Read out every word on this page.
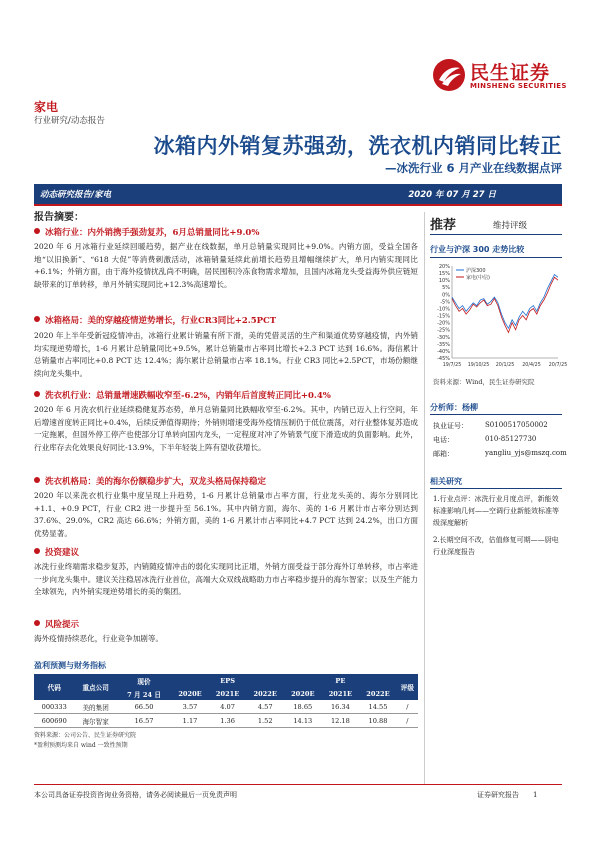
民生证券
MINSHENG SECURITIES
家电
行业研究/动态报告
冰箱内外销复苏强劲，洗衣机内销同比转正
—冰洗行业 6 月产业在线数据点评
动态研究报告/家电	2020 年 07 月 27 日
报告摘要：
冰箱行业：内外销携手强劲复苏，6月总销量同比+9.0%
2020 年 6 月冰箱行业延续回暖趋势，据产业在线数据，单月总销量实现同比+9.0%。内销方面，受益全国各地“以旧换新”、“618 大促”等消费刺激活动，冰箱销量延续此前增长趋势且增幅继续扩大，单月内销实现同比+6.1%；外销方面，由于海外疫情扰乱尚不明确，居民囤积冷冻食物需求增加，且国内冰箱龙头受益海外供应链短缺带来的订单转移，单月外销实现同比+12.3%高速增长。
冰箱格局：美的穿越疫情逆势增长，行业CR3同比+2.5PCT
2020 年上半年受新冠疫情冲击，冰箱行业累计销量有所下滑，美的凭借灵活的生产和渠道优势穿越疫情，内外销均实现逆势增长，1-6 月累计总销量同比+9.5%，累计总销量市占率同比增长+2.3 PCT 达到 16.6%。海信累计总销量市占率同比+0.8 PCT 达 12.4%；海尔累计总销量市占率 18.1%。行业 CR3 同比+2.5PCT，市场份额继续向龙头集中。
洗衣机行业：总销量增速跌幅收窄至-6.2%，内销年后首度转正同比+0.4%
2020 年 6 月洗衣机行业延续稳健复苏态势，单月总销量同比跌幅收窄至-6.2%。其中，内销已迈入上行空间，年后增速首度转正同比+0.4%，后续反弹值得期待；外销则增速受海外疫情压制仍于低位震荡，对行业整体复苏造成一定拖累，但国外停工停产也使部分订单转向国内龙头，一定程度对冲了外销景气度下滑造成的负面影响。此外，行业库存去化效果良好同比-13.9%，下半年轻装上阵有望收获增长。
洗衣机格局：美的海尔份额稳步扩大，双龙头格局保持稳定
2020 年以来洗衣机行业集中度呈现上升趋势，1-6 月累计总销量市占率方面，行业龙头美的、海尔分别同比+1.1、+0.9 PCT，行业 CR2 进一步提升至 56.1%。其中内销方面，海尔、美的 1-6 月累计市占率分别达到 37.6%、29.0%，CR2 高达 66.6%；外销方面，美的 1-6 月累计市占率同比+4.7 PCT 达到 24.2%，出口方面优势显著。
投资建议
冰洗行业终端需求稳步复苏，内销随疫情冲击的弱化实现同比正增，外销方面受益于部分海外订单转移，市占率进一步向龙头集中。建议关注稳居冰洗行业首位，高端大众双线战略助力市占率稳步提升的海尔智家；以及生产能力全球领先，内外销实现逆势增长的美的集团。
风险提示
海外疫情持续恶化，行业竞争加剧等。
盈利预测与财务指标
代码	重点公司	现价	EPS			PE			评级
		7 月 24 日	2020E	2021E	2022E	2020E	2021E	2022E	
000333	美的集团	66.50	3.57	4.07	4.57	18.65	16.34	14.55	/
600690	海尔智家	16.57	1.17	1.36	1.52	14.13	12.18	10.88	/
资料来源：公司公告、民生证券研究院
*盈利预测均来自 wind 一致性预期
推荐	维持评级
行业与沪深 300 走势比较
20%
15%
10%
5%
0%
-5%
-10%
-15%
-20%
-25%
-30%
-35%
-40%
-45%
19/7/25 19/10/25 20/1/25 20/4/25 20/7/25
沪深300
家电(中信)
资料来源：Wind，民生证券研究院
分析师：杨柳
执业证号： S0100517050002
电话：	010-85127730
邮箱：	yangliu_yjs@mszq.com
相关研究
1.行业点评：冰洗行业月度点评，新能效标准影响几何——空调行业新能效标准等级深度解析
2.长期空间不改，估值修复可期——厨电行业深度报告
本公司具备证券投资咨询业务资格，请务必阅读最后一页免责声明	证券研究报告 1
